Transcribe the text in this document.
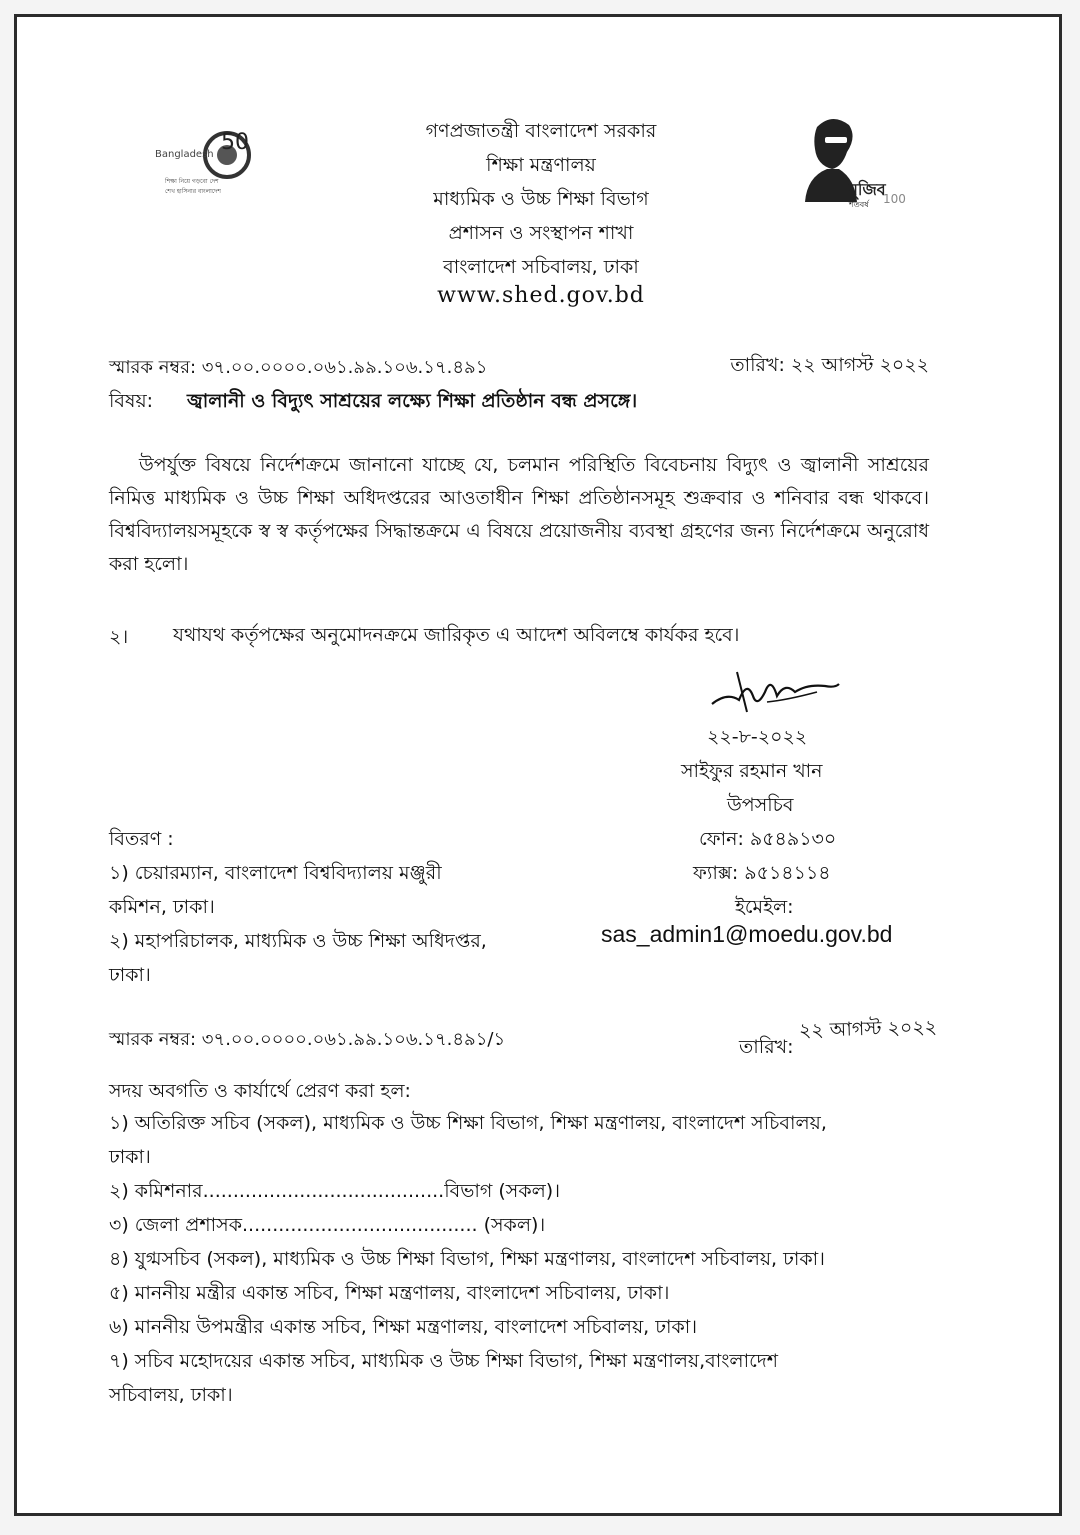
50
Bangladesh
শিক্ষা নিয়ে গড়বো দেশ
শেখ হাসিনার বাংলাদেশ	মুজিব
শতবর্ষ 100
গণপ্রজাতন্ত্রী বাংলাদেশ সরকার
শিক্ষা মন্ত্রণালয়
মাধ্যমিক ও উচ্চ শিক্ষা বিভাগ
প্রশাসন ও সংস্থাপন শাখা
বাংলাদেশ সচিবালয়, ঢাকা
www.shed.gov.bd
স্মারক নম্বর: ৩৭.০০.০০০০.০৬১.৯৯.১০৬.১৭.৪৯১	তারিখ: ২২ আগস্ট ২০২২
বিষয়: জ্বালানী ও বিদ্যুৎ সাশ্রয়ের লক্ষ্যে শিক্ষা প্রতিষ্ঠান বন্ধ প্রসঙ্গে।
উপর্যুক্ত বিষয়ে নির্দেশক্রমে জানানো যাচ্ছে যে, চলমান পরিস্থিতি বিবেচনায় বিদ্যুৎ ও জ্বালানী সাশ্রয়ের নিমিত্ত মাধ্যমিক ও উচ্চ শিক্ষা অধিদপ্তরের আওতাধীন শিক্ষা প্রতিষ্ঠানসমূহ শুক্রবার ও শনিবার বন্ধ থাকবে। বিশ্ববিদ্যালয়সমূহকে স্ব স্ব কর্তৃপক্ষের সিদ্ধান্তক্রমে এ বিষয়ে প্রয়োজনীয় ব্যবস্থা গ্রহণের জন্য নির্দেশক্রমে অনুরোধ করা হলো।
২। যথাযথ কর্তৃপক্ষের অনুমোদনক্রমে জারিকৃত এ আদেশ অবিলম্বে কার্যকর হবে।
২২-৮-২০২২
সাইফুর রহমান খান
উপসচিব
ফোন: ৯৫৪৯১৩০
ফ্যাক্স: ৯৫১৪১১৪
ইমেইল:
sas_admin1@moedu.gov.bd
বিতরণ :
১) চেয়ারম্যান, বাংলাদেশ বিশ্ববিদ্যালয় মঞ্জুরী
কমিশন, ঢাকা।
২) মহাপরিচালক, মাধ্যমিক ও উচ্চ শিক্ষা অধিদপ্তর,
ঢাকা।
স্মারক নম্বর: ৩৭.০০.০০০০.০৬১.৯৯.১০৬.১৭.৪৯১/১	তারিখ:
২২ আগস্ট ২০২২
সদয় অবগতি ও কার্যার্থে প্রেরণ করা হল:
১) অতিরিক্ত সচিব (সকল), মাধ্যমিক ও উচ্চ শিক্ষা বিভাগ, শিক্ষা মন্ত্রণালয়, বাংলাদেশ সচিবালয়,
ঢাকা।
২) কমিশনার........................................বিভাগ (সকল)।
৩) জেলা প্রশাসক....................................... (সকল)।
৪) যুগ্মসচিব (সকল), মাধ্যমিক ও উচ্চ শিক্ষা বিভাগ, শিক্ষা মন্ত্রণালয়, বাংলাদেশ সচিবালয়, ঢাকা।
৫) মাননীয় মন্ত্রীর একান্ত সচিব, শিক্ষা মন্ত্রণালয়, বাংলাদেশ সচিবালয়, ঢাকা।
৬) মাননীয় উপমন্ত্রীর একান্ত সচিব, শিক্ষা মন্ত্রণালয়, বাংলাদেশ সচিবালয়, ঢাকা।
৭) সচিব মহোদয়ের একান্ত সচিব, মাধ্যমিক ও উচ্চ শিক্ষা বিভাগ, শিক্ষা মন্ত্রণালয়,বাংলাদেশ
সচিবালয়, ঢাকা।
